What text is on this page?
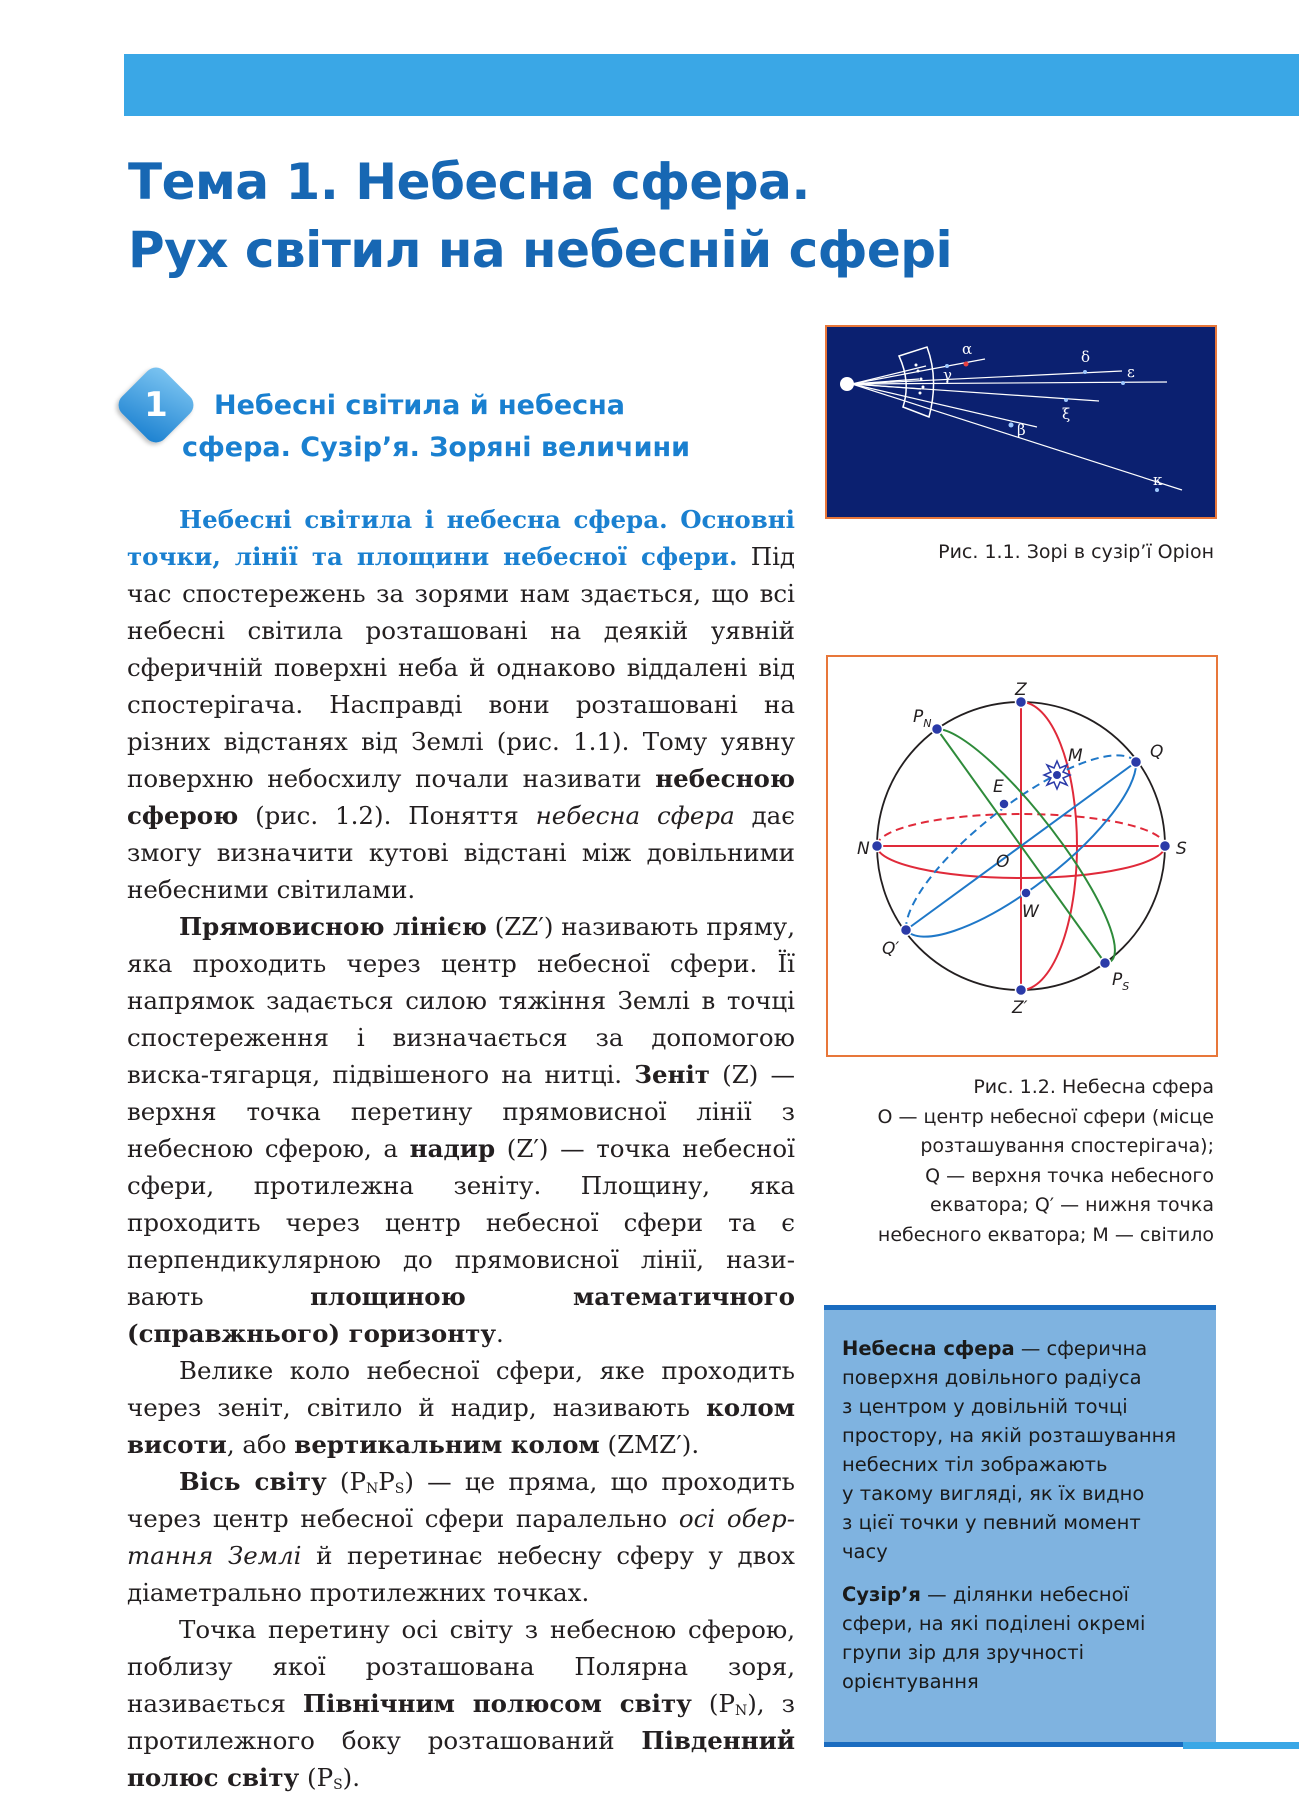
Тема 1. Небесна сфера.
Рух світил на небесній сфері
1	Небесні світила й небесна
сфера. Сузір’я. Зоряні величини

Небесні світила і небесна сфера. Основні точки, лінії та площини небесної сфери. Під час спостережень за зорями нам здається, що всі небесні світила розташовані на деякій уявній сферичній поверхні неба й однаково віддалені від спостерігача. Насправді вони розташовані на різних відстанях від Землі (рис. 1.1). Тому уявну поверхню небосхилу почали називати небесною сферою (рис. 1.2). Поняття небесна сфера дає змогу визначити кутові відстані між довільними небесними світилами.

Прямовисною лінією (ZZ′) називають пряму, яка проходить через центр небесної сфери. Її напрямок задається силою тяжіння Землі в точці спостереження і визначається за допомогою виска-тягарця, підвішеного на нитці. Зеніт (Z) — верхня точка перетину прямовисної лінії з небесною сферою, а надир (Z′) — точка небесної сфери, протилежна зеніту. Площину, яка проходить через центр небесної сфери та є перпендикулярною до прямовисної лінії, називають площиною математичного (справжнього) горизонту.

Велике коло небесної сфери, яке проходить через зеніт, світило й надир, називають колом висоти, або вертикальним колом (ZMZ′).

Вісь світу $(P_NP_S)$ — це пряма, що проходить через центр небесної сфери паралельно осі обертання Землі й перетинає небесну сферу у двох діаметрально протилежних точках.

Точка перетину осі світу з небесною сферою, поблизу якої розташована Полярна зоря, називається Північним полюсом світу $(P_N)$, з протилежного боку розташований Південний полюс світу $(P_S)$.

α
γ
δ
ε
ξ
β
κ
Рис. 1.1. Зорі в сузір’ї Оріон
Z
$P_N$
M	Q
E
N	S
O
W
Q′
$P_S$
Z′
Рис. 1.2. Небесна сфера
O — центр небесної сфери (місце
розташування спостерігача);
Q — верхня точка небесного
екватора; Q′ — нижня точка
небесного екватора; M — світило

Небесна сфера — сферична
поверхня довільного радіуса
з центром у довільній точці
простору, на якій розташування
небесних тіл зображають
у такому вигляді, як їх видно
з цієї точки у певний момент
часу

Сузір’я — ділянки небесної
сфери, на які поділені окремі
групи зір для зручності
орієнтування
